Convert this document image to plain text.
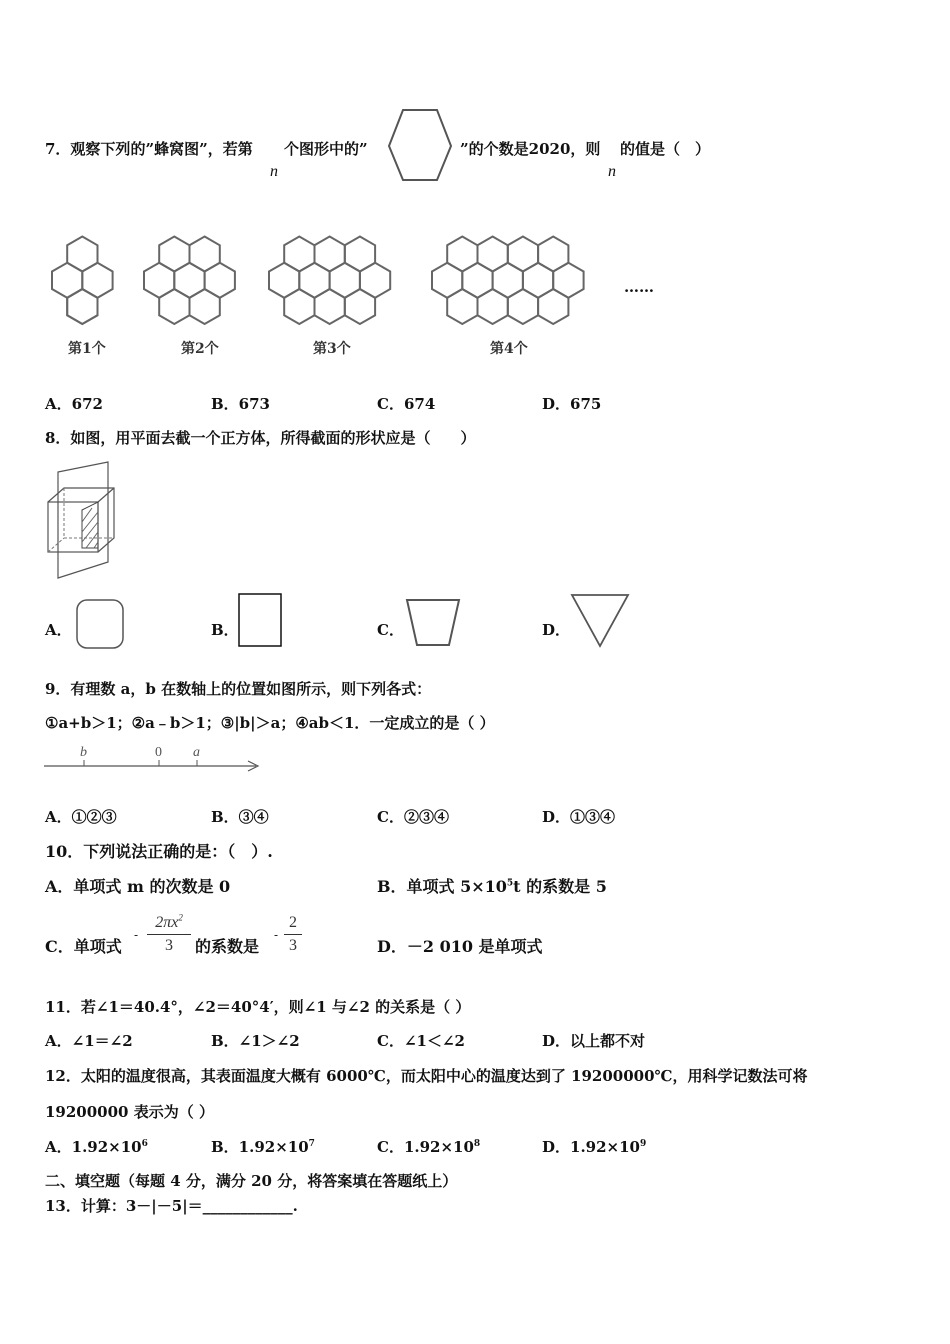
7．观察下列的”蜂窝图”，若第 个图形中的”
n
”的个数是2020，则 的值是（　）
n
第1个	第2个	第3个	第4个
……
A．672	B．673	C．674	D．675
8．如图，用平面去截一个正方体，所得截面的形状应是（　　）
A．	B．	C．	D．
9．有理数 a，b 在数轴上的位置如图所示，则下列各式：
①a+b＞1；②a﹣b＞1；③|b|＞a；④ab＜1．一定成立的是（ ）
b	0 a
A．①②③	B．③④	C．②③④	D．①③④
10．下列说法正确的是：（　）.
A．单项式 m 的次数是 0	B．单项式 $5\times 10^5t$ 的系数是 5
C．单项式
-
$2\pi x^2$
3	的系数是
-
2
3	D．－2 010 是单项式
11．若∠1＝40.4°，∠2＝40°4′，则∠1 与∠2 的关系是（ ）
A．∠1＝∠2	B．∠1＞∠2	C．∠1＜∠2	D．以上都不对
12．太阳的温度很高，其表面温度大概有 6000℃，而太阳中心的温度达到了 19200000℃，用科学记数法可将
19200000 表示为（ ）
A．$1.92\times 10^6$	B．$1.92\times 10^7$	C．$1.92\times 10^8$	D．$1.92\times 10^9$
二、填空题（每题 4 分，满分 20 分，将答案填在答题纸上）
13．计算：3－|－5|＝____________.
